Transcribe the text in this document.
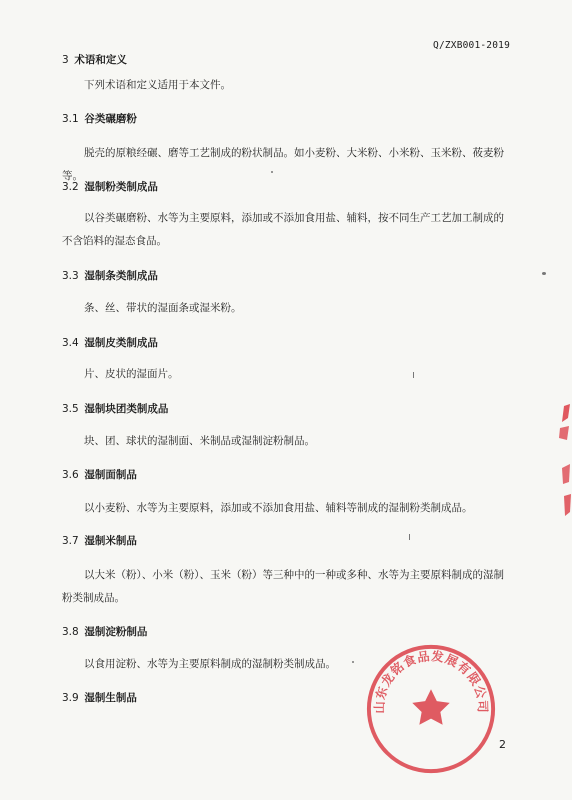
Q/ZXB001-2019
3 术语和定义
下列术语和定义适用于本文件。
3.1 谷类碾磨粉
脱壳的原粮经碾、磨等工艺制成的粉状制品。如小麦粉、大米粉、小米粉、玉米粉、莜麦粉等。
3.2 湿制粉类制成品
以谷类碾磨粉、水等为主要原料，添加或不添加食用盐、辅料，按不同生产工艺加工制成的不含馅料的湿态食品。
3.3 湿制条类制成品
条、丝、带状的湿面条或湿米粉。
3.4 湿制皮类制成品
片、皮状的湿面片。
3.5 湿制块团类制成品
块、团、球状的湿制面、米制品或湿制淀粉制品。
3.6 湿制面制品
以小麦粉、水等为主要原料，添加或不添加食用盐、辅料等制成的湿制粉类制成品。
3.7 湿制米制品
以大米（粉）、小米（粉）、玉米（粉）等三种中的一种或多种、水等为主要原料制成的湿制粉类制成品。
3.8 湿制淀粉制品
以食用淀粉、水等为主要原料制成的湿制粉类制成品。
3.9 湿制生制品
2
山东龙铭食品发展有限公司
